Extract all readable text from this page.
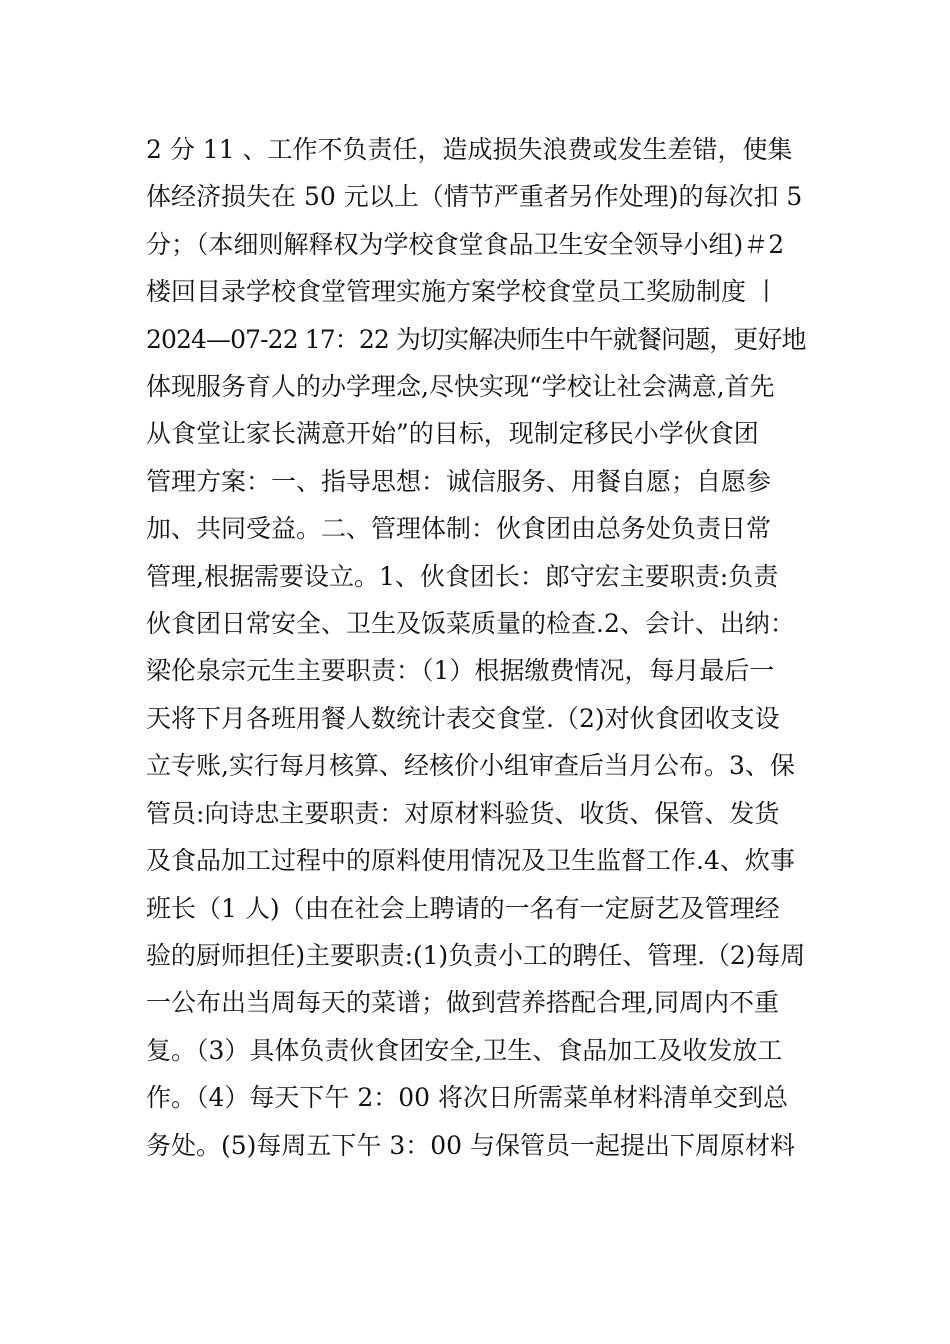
2 分 11 、工作不负责任，造成损失浪费或发生差错，使集
体经济损失在 50 元以上（情节严重者另作处理)的每次扣 5
分；（本细则解释权为学校食堂食品卫生安全领导小组)＃2
楼回目录学校食堂管理实施方案学校食堂员工奖励制度 丨
2024—07-22 17：22 为切实解决师生中午就餐问题，更好地
体现服务育人的办学理念,尽快实现“学校让社会满意,首先
从食堂让家长满意开始”的目标，现制定移民小学伙食团
管理方案：一、指导思想：诚信服务、用餐自愿；自愿参
加、共同受益。二、管理体制：伙食团由总务处负责日常
管理,根据需要设立。1、伙食团长：郎守宏主要职责:负责
伙食团日常安全、卫生及饭菜质量的检查.2、会计、出纳：
梁伦泉宗元生主要职责：（1）根据缴费情况，每月最后一
天将下月各班用餐人数统计表交食堂.（2)对伙食团收支设
立专账,实行每月核算、经核价小组审查后当月公布。3、保
管员:向诗忠主要职责：对原材料验货、收货、保管、发货
及食品加工过程中的原料使用情况及卫生监督工作.4、炊事
班长（1 人)（由在社会上聘请的一名有一定厨艺及管理经
验的厨师担任)主要职责:(1)负责小工的聘任、管理.（2)每周
一公布出当周每天的菜谱；做到营养搭配合理,同周内不重
复。（3）具体负责伙食团安全,卫生、食品加工及收发放工
作。（4）每天下午 2：00 将次日所需菜单材料清单交到总
务处。(5)每周五下午 3：00 与保管员一起提出下周原材料
